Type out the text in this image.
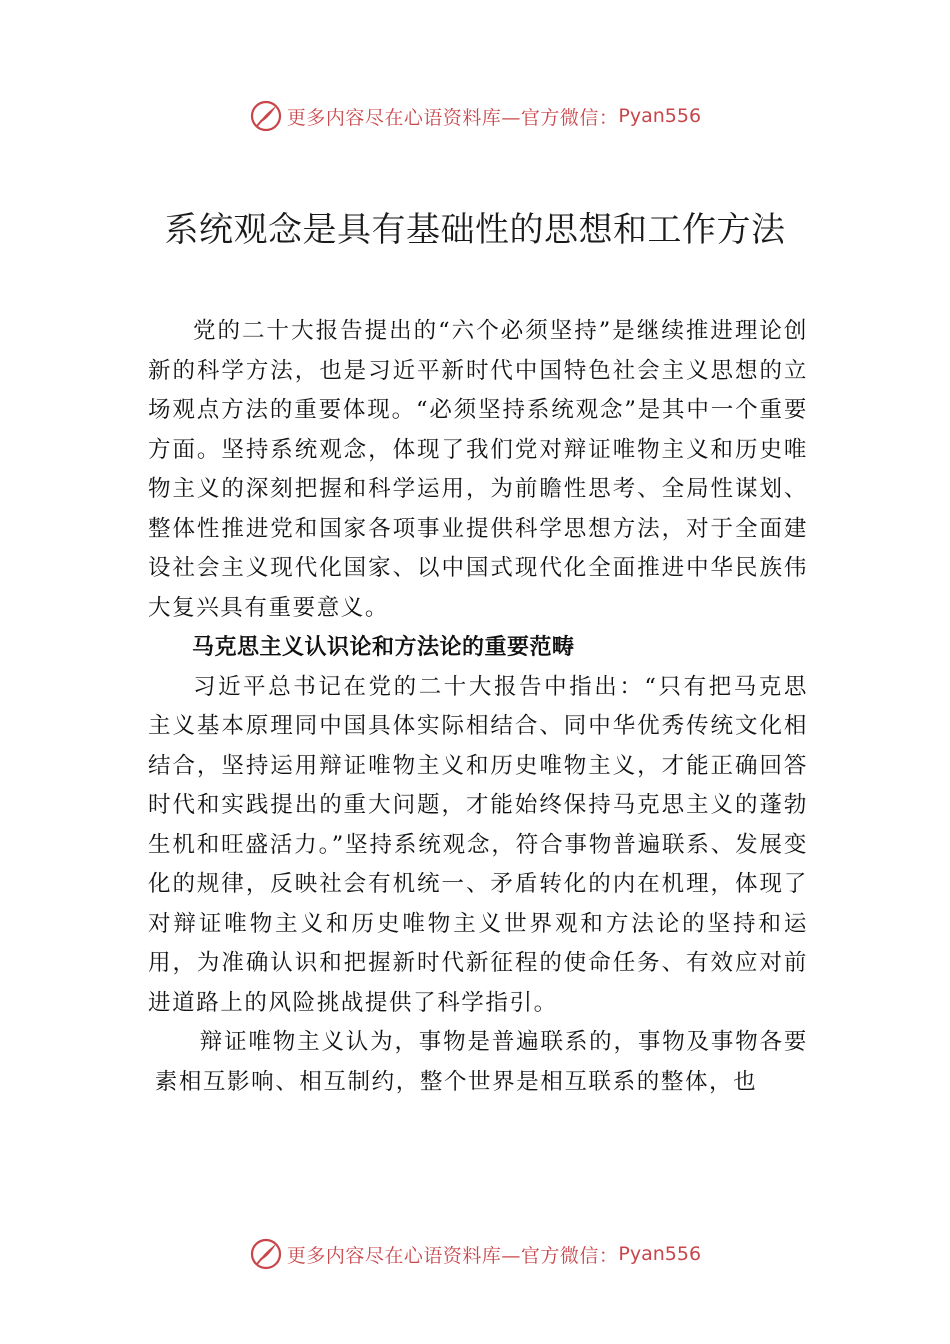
更多内容尽在心语资料库—官方微信： Pyan556
系统观念是具有基础性的思想和工作方法

党的二十大报告提出的“六个必须坚持”是继续推进理论创新的科学方法，也是习近平新时代中国特色社会主义思想的立场观点方法的重要体现。“必须坚持系统观念”是其中一个重要方面。坚持系统观念，体现了我们党对辩证唯物主义和历史唯物主义的深刻把握和科学运用，为前瞻性思考、全局性谋划、整体性推进党和国家各项事业提供科学思想方法，对于全面建设社会主义现代化国家、以中国式现代化全面推进中华民族伟大复兴具有重要意义。

马克思主义认识论和方法论的重要范畴

习近平总书记在党的二十大报告中指出：“只有把马克思主义基本原理同中国具体实际相结合、同中华优秀传统文化相结合，坚持运用辩证唯物主义和历史唯物主义，才能正确回答时代和实践提出的重大问题，才能始终保持马克思主义的蓬勃生机和旺盛活力。”坚持系统观念，符合事物普遍联系、发展变化的规律，反映社会有机统一、矛盾转化的内在机理，体现了对辩证唯物主义和历史唯物主义世界观和方法论的坚持和运用，为准确认识和把握新时代新征程的使命任务、有效应对前进道路上的风险挑战提供了科学指引。

辩证唯物主义认为，事物是普遍联系的，事物及事物各要素相互影响、相互制约，整个世界是相互联系的整体，也

更多内容尽在心语资料库—官方微信： Pyan556
